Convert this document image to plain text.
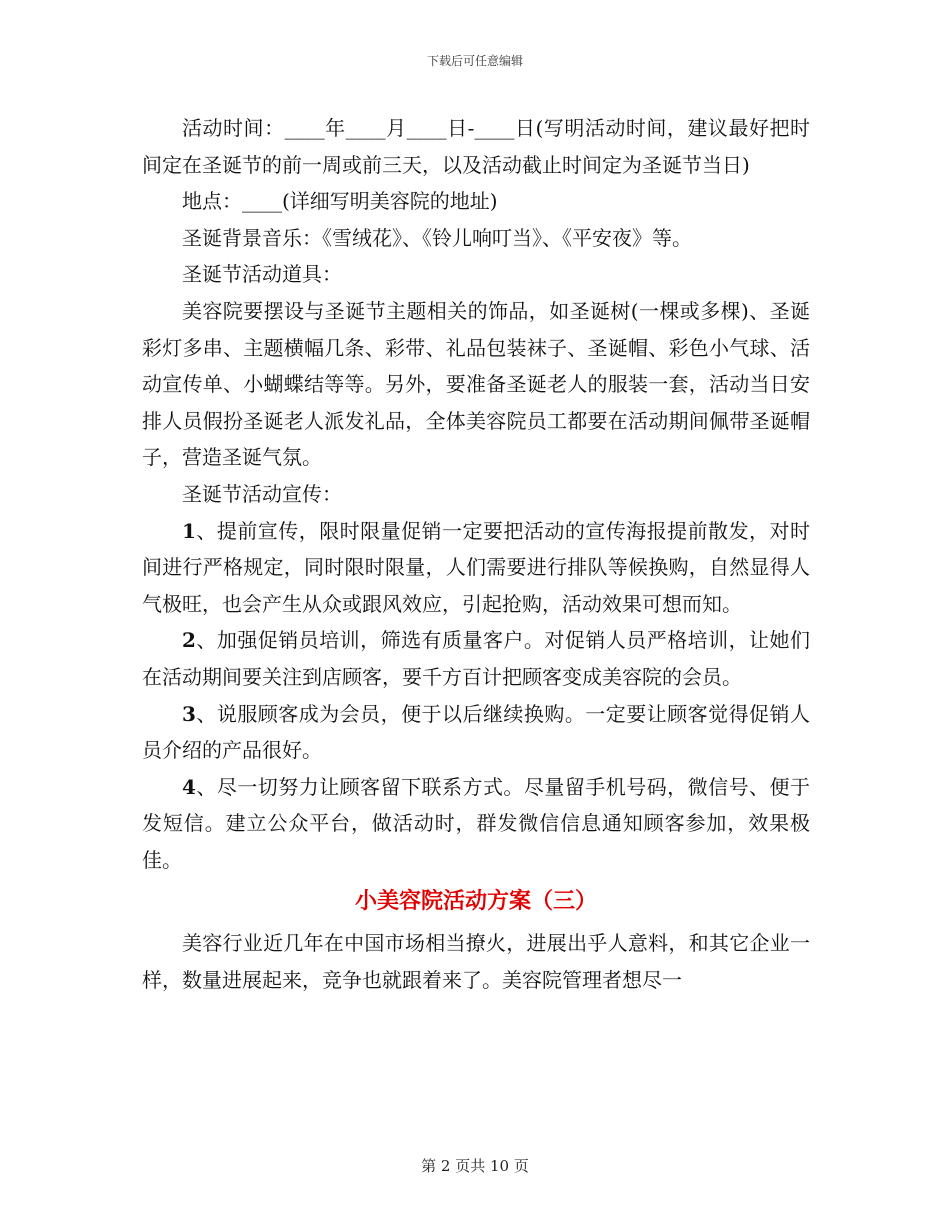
下载后可任意编辑

活动时间：____年____月____日-____日(写明活动时间，建议最好把时间定在圣诞节的前一周或前三天，以及活动截止时间定为圣诞节当日)

地点：____(详细写明美容院的地址)

圣诞背景音乐：《雪绒花》、《铃儿响叮当》、《平安夜》等。

圣诞节活动道具：

美容院要摆设与圣诞节主题相关的饰品，如圣诞树(一棵或多棵)、圣诞彩灯多串、主题横幅几条、彩带、礼品包装袜子、圣诞帽、彩色小气球、活动宣传单、小蝴蝶结等等。另外，要准备圣诞老人的服装一套，活动当日安排人员假扮圣诞老人派发礼品，全体美容院员工都要在活动期间佩带圣诞帽子，营造圣诞气氛。

圣诞节活动宣传：

1、提前宣传，限时限量促销一定要把活动的宣传海报提前散发，对时间进行严格规定，同时限时限量，人们需要进行排队等候换购，自然显得人气极旺，也会产生从众或跟风效应，引起抢购，活动效果可想而知。

2、加强促销员培训，筛选有质量客户。对促销人员严格培训，让她们在活动期间要关注到店顾客，要千方百计把顾客变成美容院的会员。

3、说服顾客成为会员，便于以后继续换购。一定要让顾客觉得促销人员介绍的产品很好。

4、尽一切努力让顾客留下联系方式。尽量留手机号码，微信号、便于发短信。建立公众平台，做活动时，群发微信信息通知顾客参加，效果极佳。

小美容院活动方案（三）

美容行业近几年在中国市场相当撩火，进展出乎人意料，和其它企业一样，数量进展起来，竞争也就跟着来了。美容院管理者想尽一

第 2 页共 10 页
